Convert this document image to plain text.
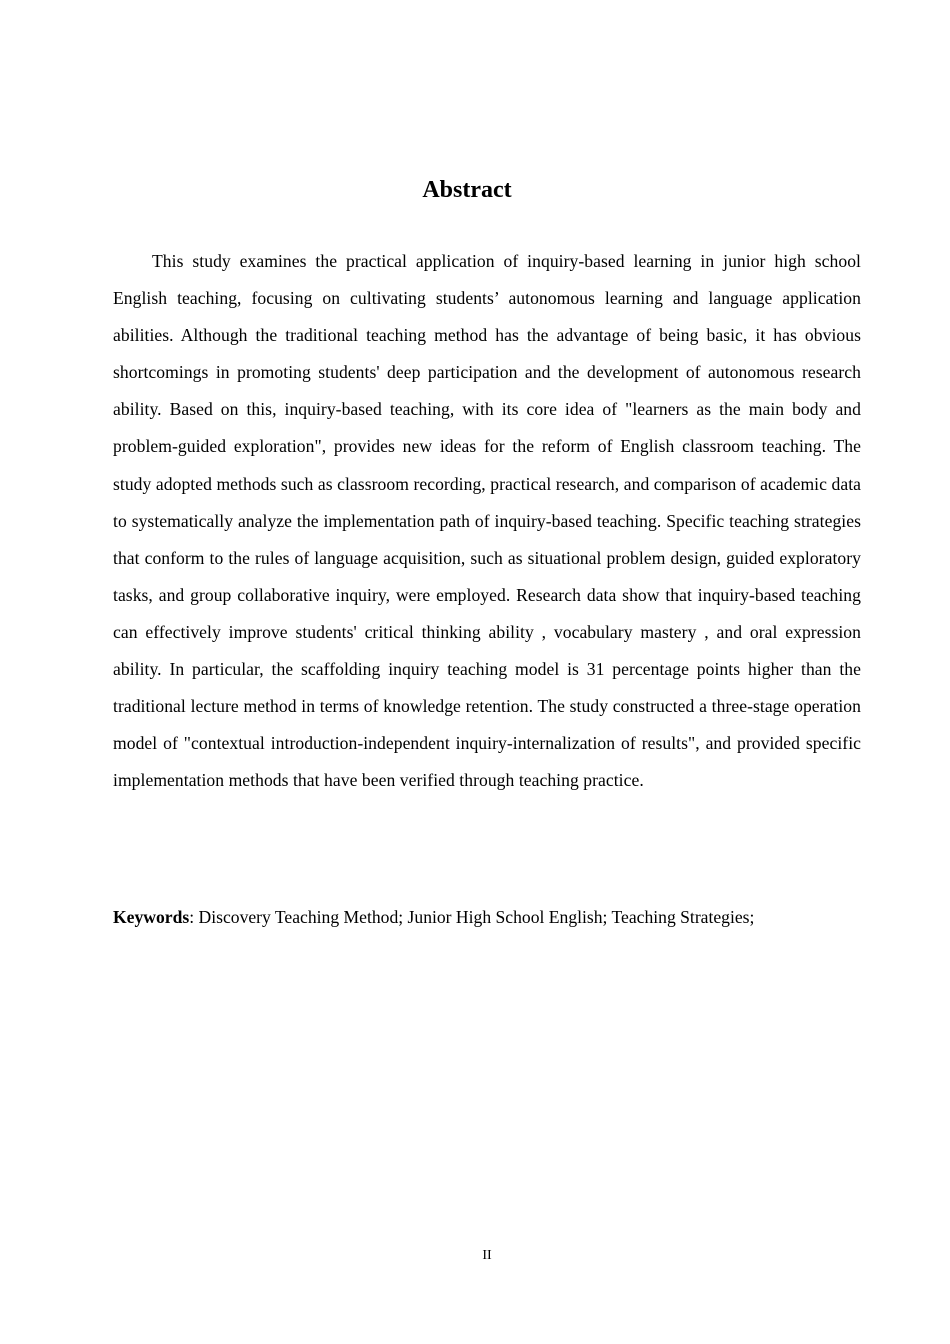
Abstract

This study examines the practical application of inquiry-based learning in junior high school English teaching, focusing on cultivating students’ autonomous learning and language application abilities. Although the traditional teaching method has the advantage of being basic, it has obvious shortcomings in promoting students' deep participation and the development of autonomous research ability. Based on this, inquiry-based teaching, with its core idea of "learners as the main body and problem-guided exploration", provides new ideas for the reform of English classroom teaching. The study adopted methods such as classroom recording, practical research, and comparison of academic data to systematically analyze the implementation path of inquiry-based teaching. Specific teaching strategies that conform to the rules of language acquisition, such as situational problem design, guided exploratory tasks, and group collaborative inquiry, were employed. Research data show that inquiry-based teaching can effectively improve students' critical thinking ability , vocabulary mastery , and oral expression ability. In particular, the scaffolding inquiry teaching model is 31 percentage points higher than the traditional lecture method in terms of knowledge retention. The study constructed a three-stage operation model of "contextual introduction-independent inquiry-internalization of results", and provided specific implementation methods that have been verified through teaching practice.

Keywords: Discovery Teaching Method; Junior High School English; Teaching Strategies;

II
